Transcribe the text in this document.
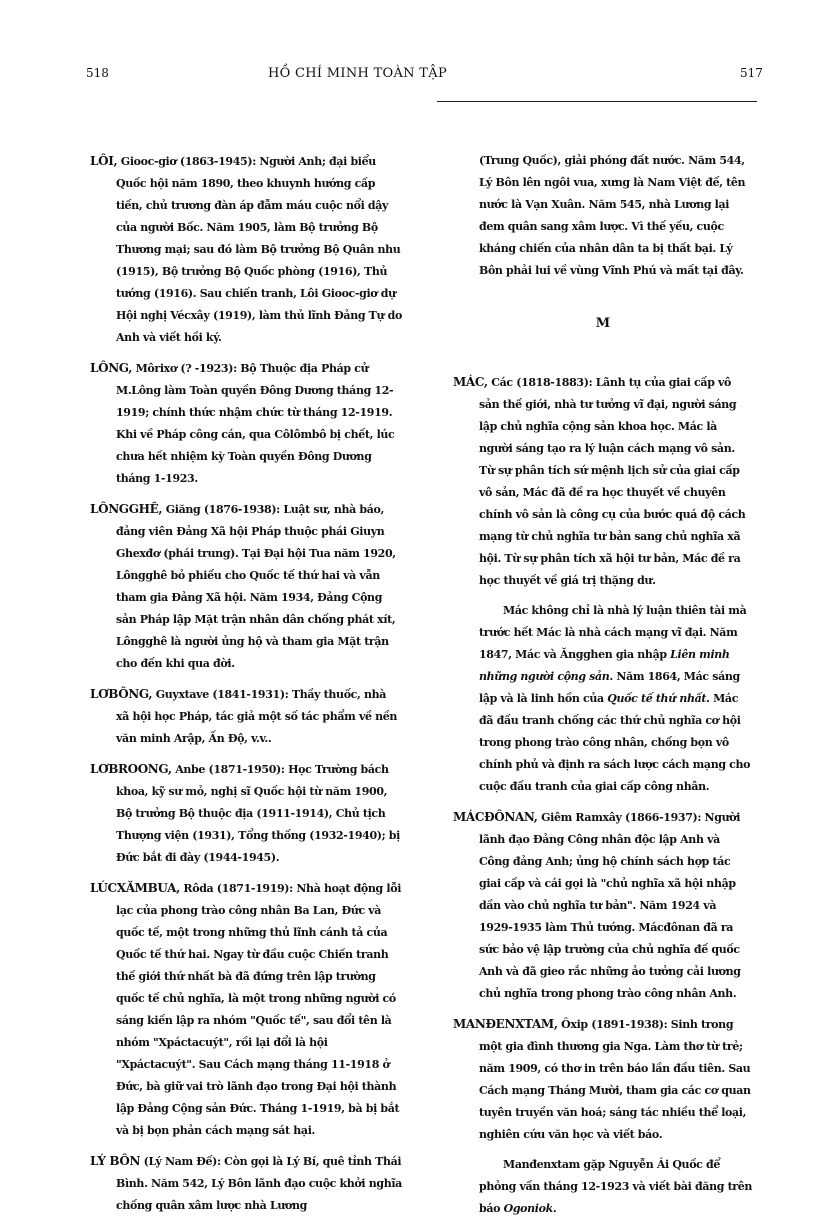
518	HỒ CHÍ MINH TOÀN TẬP	517

LÔI, Giooc-giơ (1863-1945): Người Anh; đại biểu Quốc hội năm 1890, theo khuynh hướng cấp tiến, chủ trương đàn áp đẫm máu cuộc nổi dậy của người Bốc. Năm 1905, làm Bộ trưởng Bộ Thương mại; sau đó làm Bộ trưởng Bộ Quân nhu (1915), Bộ trưởng Bộ Quốc phòng (1916), Thủ tướng (1916). Sau chiến tranh, Lôi Giooc-giơ dự Hội nghị Vécxây (1919), làm thủ lĩnh Đảng Tự do Anh và viết hồi ký.

LÔNG, Môrixơ (? -1923): Bộ Thuộc địa Pháp cử M.Lông làm Toàn quyền Đông Dương tháng 12-1919; chính thức nhậm chức từ tháng 12-1919. Khi về Pháp công cán, qua Côlômbô bị chết, lúc chưa hết nhiệm kỳ Toàn quyền Đông Dương tháng 1-1923.

LÔNGGHÊ, Giăng (1876-1938): Luật sư, nhà báo, đảng viên Đảng Xã hội Pháp thuộc phái Giuyn Ghexđơ (phái trung). Tại Đại hội Tua năm 1920, Lôngghê bỏ phiếu cho Quốc tế thứ hai và vẫn tham gia Đảng Xã hội. Năm 1934, Đảng Cộng sản Pháp lập Mặt trận nhân dân chống phát xít, Lôngghê là người ủng hộ và tham gia Mặt trận cho đến khi qua đời.

LƠBÔNG, Guyxtave (1841-1931): Thầy thuốc, nhà xã hội học Pháp, tác giả một số tác phẩm về nền văn minh Arập, Ấn Độ, v.v..

LƠBROONG, Anbe (1871-1950): Học Trường bách khoa, kỹ sư mỏ, nghị sĩ Quốc hội từ năm 1900, Bộ trưởng Bộ thuộc địa (1911-1914), Chủ tịch Thượng viện (1931), Tổng thống (1932-1940); bị Đức bắt đi đày (1944-1945).

LÚCXĂMBUA, Rôda (1871-1919): Nhà hoạt động lỗi lạc của phong trào công nhân Ba Lan, Đức và quốc tế, một trong những thủ lĩnh cánh tả của Quốc tế thứ hai. Ngay từ đầu cuộc Chiến tranh thế giới thứ nhất bà đã đứng trên lập trường quốc tế chủ nghĩa, là một trong những người có sáng kiến lập ra nhóm "Quốc tế", sau đổi tên là nhóm "Xpáctacuýt", rồi lại đổi là hội "Xpáctacuýt". Sau Cách mạng tháng 11-1918 ở Đức, bà giữ vai trò lãnh đạo trong Đại hội thành lập Đảng Cộng sản Đức. Tháng 1-1919, bà bị bắt và bị bọn phản cách mạng sát hại.

LÝ BÔN (Lý Nam Đế): Còn gọi là Lý Bí, quê tỉnh Thái Bình. Năm 542, Lý Bôn lãnh đạo cuộc khởi nghĩa chống quân xâm lược nhà Lương

(Trung Quốc), giải phóng đất nước. Năm 544, Lý Bôn lên ngôi vua, xưng là Nam Việt đế, tên nước là Vạn Xuân. Năm 545, nhà Lương lại đem quân sang xâm lược. Vì thế yếu, cuộc kháng chiến của nhân dân ta bị thất bại. Lý Bôn phải lui về vùng Vĩnh Phú và mất tại đây.

M

MÁC, Các (1818-1883): Lãnh tụ của giai cấp vô sản thế giới, nhà tư tưởng vĩ đại, người sáng lập chủ nghĩa cộng sản khoa học. Mác là người sáng tạo ra lý luận cách mạng vô sản. Từ sự phân tích sứ mệnh lịch sử của giai cấp vô sản, Mác đã đề ra học thuyết về chuyên chính vô sản là công cụ của bước quá độ cách mạng từ chủ nghĩa tư bản sang chủ nghĩa xã hội. Từ sự phân tích xã hội tư bản, Mác đề ra học thuyết về giá trị thặng dư.

Mác không chỉ là nhà lý luận thiên tài mà trước hết Mác là nhà cách mạng vĩ đại. Năm 1847, Mác và Ăngghen gia nhập Liên minh những người cộng sản. Năm 1864, Mác sáng lập và là linh hồn của Quốc tế thứ nhất. Mác đã đấu tranh chống các thứ chủ nghĩa cơ hội trong phong trào công nhân, chống bọn vô chính phủ và định ra sách lược cách mạng cho cuộc đấu tranh của giai cấp công nhân.

MÁCĐÔNAN, Giêm Ramxây (1866-1937): Người lãnh đạo Đảng Công nhân độc lập Anh và Công đảng Anh; ủng hộ chính sách hợp tác giai cấp và cái gọi là "chủ nghĩa xã hội nhập dần vào chủ nghĩa tư bản". Năm 1924 và 1929-1935 làm Thủ tướng. Mácđônan đã ra sức bảo vệ lập trường của chủ nghĩa đế quốc Anh và đã gieo rắc những ảo tưởng cải lương chủ nghĩa trong phong trào công nhân Anh.

MANĐENXTAM, Ôxip (1891-1938): Sinh trong một gia đình thương gia Nga. Làm thơ từ trẻ; năm 1909, có thơ in trên báo lần đầu tiên. Sau Cách mạng Tháng Mười, tham gia các cơ quan tuyên truyền văn hoá; sáng tác nhiều thể loại, nghiên cứu văn học và viết báo.

Manđenxtam gặp Nguyễn Ái Quốc để phỏng vấn tháng 12-1923 và viết bài đăng trên báo Ogoniok.
